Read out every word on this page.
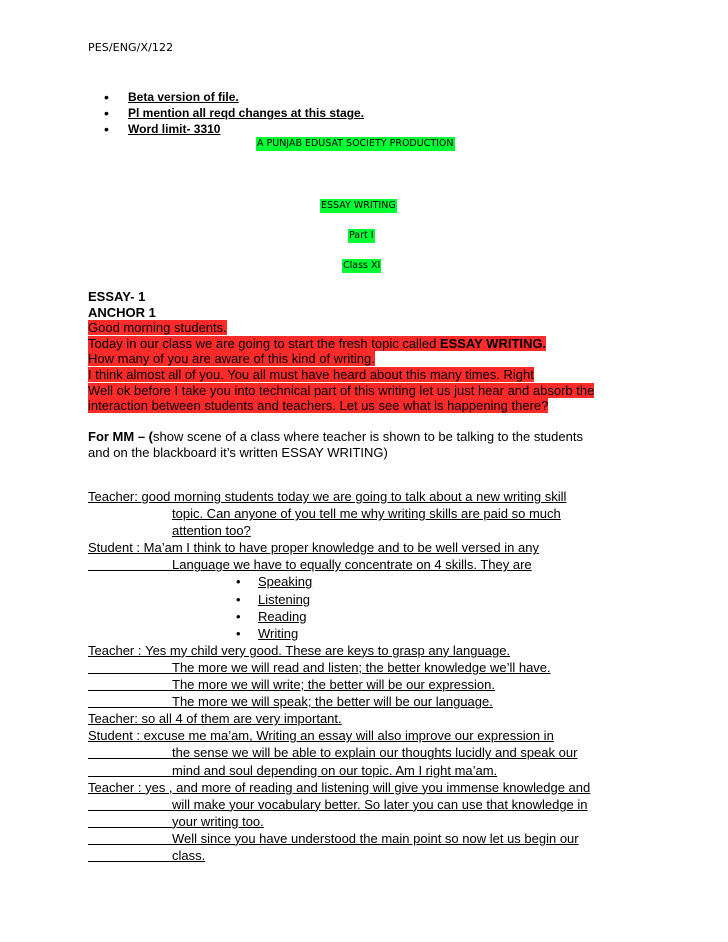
PES/ENG/X/122
• Beta version of file.
• Pl mention all reqd changes at this stage.
• Word limit- 3310
A PUNJAB EDUSAT SOCIETY PRODUCTION
ESSAY WRITING
Part I
Class XI
ESSAY- 1
ANCHOR 1
Good morning students.
Today in our class we are going to start the fresh topic called ESSAY WRITING.
How many of you are aware of this kind of writing.
I think almost all of you. You all must have heard about this many times. Right
Well ok before I take you into technical part of this writing let us just hear and absorb the
interaction between students and teachers. Let us see what is happening there?
For MM – (show scene of a class where teacher is shown to be talking to the students
and on the blackboard it’s written ESSAY WRITING)
Teacher: good morning students today we are going to talk about a new writing skill
topic. Can anyone of you tell me why writing skills are paid so much
attention too?
Student : Ma’am I think to have proper knowledge and to be well versed in any
Language we have to equally concentrate on 4 skills. They are
• Speaking
• Listening
• Reading
• Writing
Teacher : Yes my child very good. These are keys to grasp any language.
The more we will read and listen; the better knowledge we’ll have.
The more we will write; the better will be our expression.
The more we will speak; the better will be our language.
Teacher: so all 4 of them are very important.
Student : excuse me ma’am, Writing an essay will also improve our expression in
the sense we will be able to explain our thoughts lucidly and speak our
mind and soul depending on our topic. Am I right ma’am.
Teacher : yes , and more of reading and listening will give you immense knowledge and
will make your vocabulary better. So later you can use that knowledge in
your writing too.
Well since you have understood the main point so now let us begin our
class.
